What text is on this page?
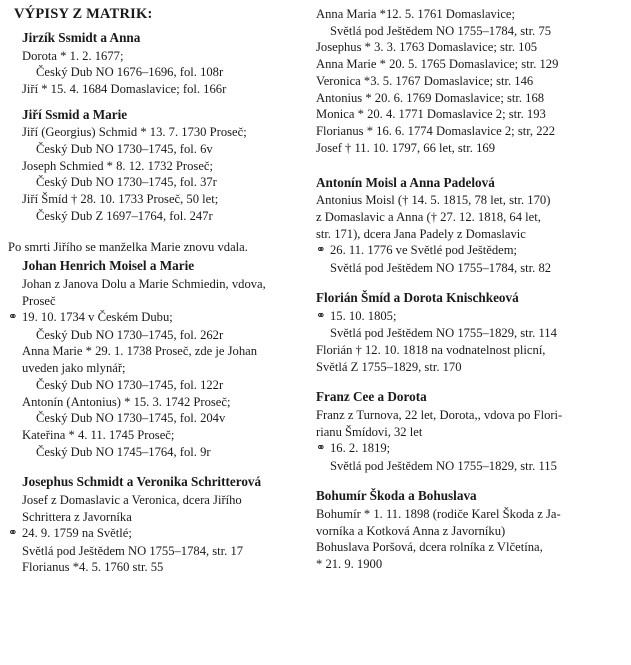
VÝPISY Z MATRIK:
Jirzík Ssmidt a Anna
Dorota * 1. 2. 1677;
Český Dub NO 1676–1696, fol. 108r
Jiří * 15. 4. 1684 Domaslavice; fol. 166r
Jiří Ssmid a Marie
Jiří (Georgius) Schmid * 13. 7. 1730 Proseč;
Český Dub NO 1730–1745, fol. 6v
Joseph Schmied * 8. 12. 1732 Proseč;
Český Dub NO 1730–1745, fol. 37r
Jiří Šmíd † 28. 10. 1733 Proseč, 50 let;
Český Dub Z 1697–1764, fol. 247r
Po smrti Jiřího se manželka Marie znovu vdala.
Johan Henrich Moisel a Marie
Johan z Janova Dolu a Marie Schmiedin, vdova,
Proseč
⚭ 19. 10. 1734 v Českém Dubu;
Český Dub NO 1730–1745, fol. 262r
Anna Marie * 29. 1. 1738 Proseč, zde je Johan
uveden jako mlynář;
Český Dub NO 1730–1745, fol. 122r
Antonín (Antonius) * 15. 3. 1742 Proseč;
Český Dub NO 1730–1745, fol. 204v
Kateřina * 4. 11. 1745 Proseč;
Český Dub NO 1745–1764, fol. 9r
Josephus Schmidt a Veronika Schritterová
Josef z Domaslavic a Veronica, dcera Jiřího
Schrittera z Javorníka
⚭ 24. 9. 1759 na Světlé;
Světlá pod Ještědem NO 1755–1784, str. 17
Florianus *4. 5. 1760 str. 55
Anna Maria *12. 5. 1761 Domaslavice;
Světlá pod Ještědem NO 1755–1784, str. 75
Josephus * 3. 3. 1763 Domaslavice; str. 105
Anna Marie * 20. 5. 1765 Domaslavice; str. 129
Veronica *3. 5. 1767 Domaslavice; str. 146
Antonius * 20. 6. 1769 Domaslavice; str. 168
Monica * 20. 4. 1771 Domaslavice 2; str. 193
Florianus * 16. 6. 1774 Domaslavice 2; str, 222
Josef † 11. 10. 1797, 66 let, str. 169
Antonín Moisl a Anna Padelová
Antonius Moisl († 14. 5. 1815, 78 let, str. 170)
z Domaslavic a Anna († 27. 12. 1818, 64 let,
str. 171), dcera Jana Padely z Domaslavic
⚭ 26. 11. 1776 ve Světlé pod Ještědem;
Světlá pod Ještědem NO 1755–1784, str. 82
Florián Šmíd a Dorota Knischkeová
⚭ 15. 10. 1805;
Světlá pod Ještědem NO 1755–1829, str. 114
Florián † 12. 10. 1818 na vodnatelnost plicní,
Světlá Z 1755–1829, str. 170
Franz Cee a Dorota
Franz z Turnova, 22 let, Dorota,, vdova po Flori-
rianu Šmídovi, 32 let
⚭ 16. 2. 1819;
Světlá pod Ještědem NO 1755–1829, str. 115
Bohumír Škoda a Bohuslava
Bohumír * 1. 11. 1898 (rodiče Karel Škoda z Ja-
vorníka a Kotková Anna z Javorníku)
Bohuslava Poršová, dcera rolníka z Vlčetína,
* 21. 9. 1900
